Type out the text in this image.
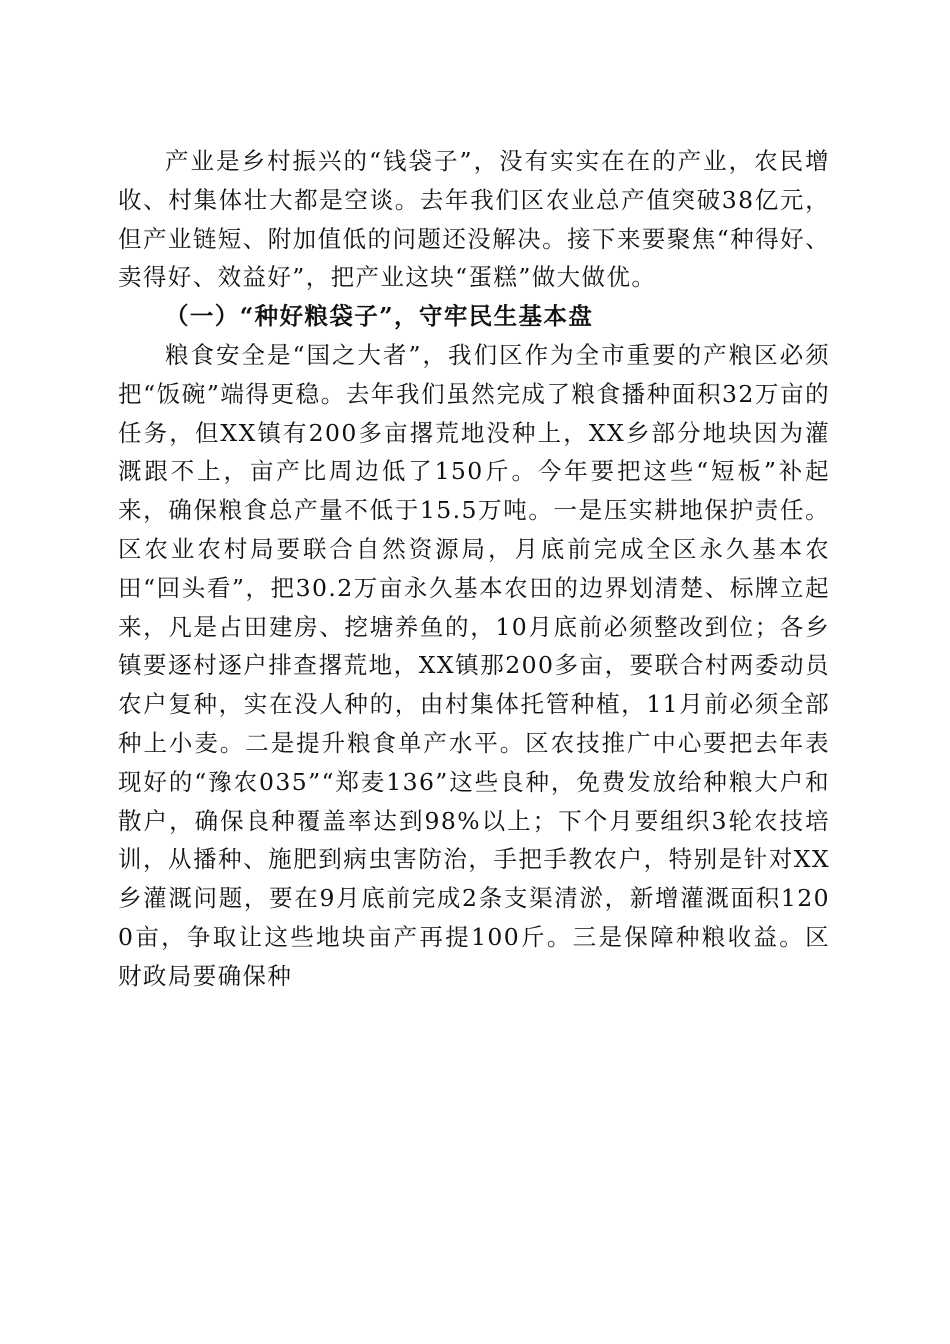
产业是乡村振兴的“钱袋子”，没有实实在在的产业，农民增收、村集体壮大都是空谈。去年我们区农业总产值突破38亿元，但产业链短、附加值低的问题还没解决。接下来要聚焦“种得好、卖得好、效益好”，把产业这块“蛋糕”做大做优。

（一）“种好粮袋子”，守牢民生基本盘

粮食安全是“国之大者”，我们区作为全市重要的产粮区必须把“饭碗”端得更稳。去年我们虽然完成了粮食播种面积32万亩的任务，但XX镇有200多亩撂荒地没种上，XX乡部分地块因为灌溉跟不上，亩产比周边低了150斤。今年要把这些“短板”补起来，确保粮食总产量不低于15.5万吨。一是压实耕地保护责任。区农业农村局要联合自然资源局，月底前完成全区永久基本农田“回头看”，把30.2万亩永久基本农田的边界划清楚、标牌立起来，凡是占田建房、挖塘养鱼的，10月底前必须整改到位；各乡镇要逐村逐户排查撂荒地，XX镇那200多亩，要联合村两委动员农户复种，实在没人种的，由村集体托管种植，11月前必须全部种上小麦。二是提升粮食单产水平。区农技推广中心要把去年表现好的“豫农035”“郑麦136”这些良种，免费发放给种粮大户和散户，确保良种覆盖率达到98%以上；下个月要组织3轮农技培训，从播种、施肥到病虫害防治，手把手教农户，特别是针对XX乡灌溉问题，要在9月底前完成2条支渠清淤，新增灌溉面积1200亩，争取让这些地块亩产再提100斤。三是保障种粮收益。区财政局要确保种
